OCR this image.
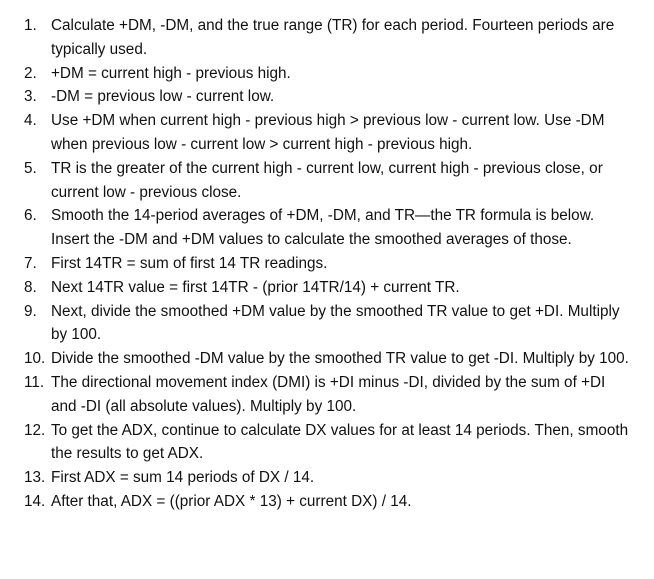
1. Calculate +DM, -DM, and the true range (TR) for each period. Fourteen periods are typically used.
2. +DM = current high - previous high.
3. -DM = previous low - current low.
4. Use +DM when current high - previous high > previous low - current low. Use -DM when previous low - current low > current high - previous high.
5. TR is the greater of the current high - current low, current high - previous close, or current low - previous close.
6. Smooth the 14-period averages of +DM, -DM, and TR—the TR formula is below. Insert the -DM and +DM values to calculate the smoothed averages of those.
7. First 14TR = sum of first 14 TR readings.
8. Next 14TR value = first 14TR - (prior 14TR/14) + current TR.
9. Next, divide the smoothed +DM value by the smoothed TR value to get +DI. Multiply by 100.
10. Divide the smoothed -DM value by the smoothed TR value to get -DI. Multiply by 100.
11. The directional movement index (DMI) is +DI minus -DI, divided by the sum of +DI and -DI (all absolute values). Multiply by 100.
12. To get the ADX, continue to calculate DX values for at least 14 periods. Then, smooth the results to get ADX.
13. First ADX = sum 14 periods of DX / 14.
14. After that, ADX = ((prior ADX * 13) + current DX) / 14.
